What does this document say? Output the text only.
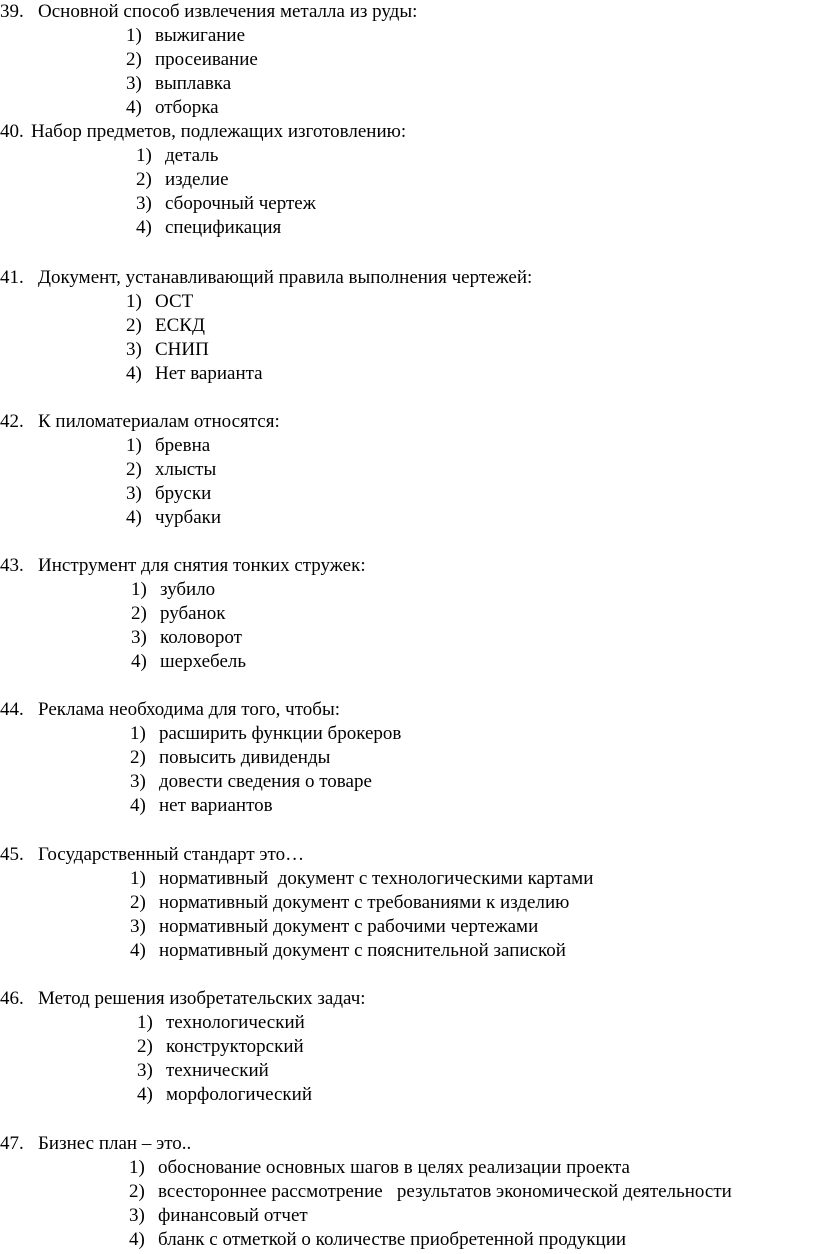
39. Основной способ извлечения металла из руды:
1) выжигание
2) просеивание
3) выплавка
4) отборка
40. Набор предметов, подлежащих изготовлению:
1) деталь
2) изделие
3) сборочный чертеж
4) спецификация
41. Документ, устанавливающий правила выполнения чертежей:
1) ОСТ
2) ЕСКД
3) СНИП
4) Нет варианта
42. К пиломатериалам относятся:
1) бревна
2) хлысты
3) бруски
4) чурбаки
43. Инструмент для снятия тонких стружек:
1) зубило
2) рубанок
3) коловорот
4) шерхебель
44. Реклама необходима для того, чтобы:
1) расширить функции брокеров
2) повысить дивиденды
3) довести сведения о товаре
4) нет вариантов
45. Государственный стандарт это…
1) нормативный  документ с технологическими картами
2) нормативный документ с требованиями к изделию
3) нормативный документ с рабочими чертежами
4) нормативный документ с пояснительной запиской
46. Метод решения изобретательских задач:
1) технологический
2) конструкторский
3) технический
4) морфологический
47. Бизнес план – это..
1) обоснование основных шагов в целях реализации проекта
2) всестороннее рассмотрение   результатов экономической деятельности
3) финансовый отчет
4) бланк с отметкой о количестве приобретенной продукции
